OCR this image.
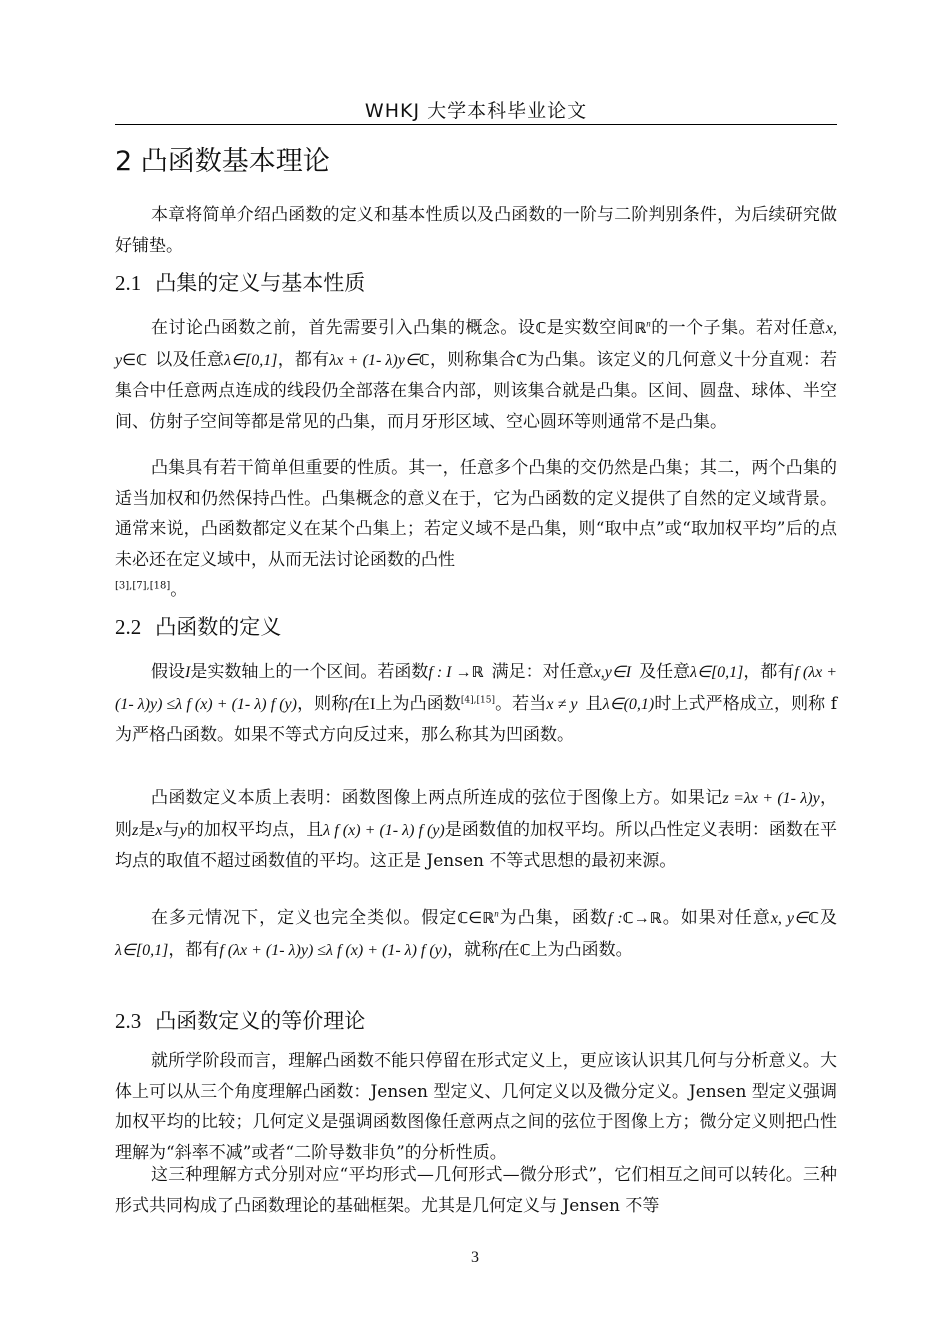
WHKJ 大学本科毕业论文
2 凸函数基本理论
本章将简单介绍凸函数的定义和基本性质以及凸函数的一阶与二阶判别条件，为后续研究做好铺垫。
2.1 凸集的定义与基本性质
在讨论凸函数之前，首先需要引入凸集的概念。设ℂ是实数空间ℝ$^n$的一个子集。若对任意x, y∈ℂ 以及任意λ∈[0,1]，都有λx + (1- λ)y∈ℂ，则称集合ℂ为凸集。该定义的几何意义十分直观：若集合中任意两点连成的线段仍全部落在集合内部，则该集合就是凸集。区间、圆盘、球体、半空间、仿射子空间等都是常见的凸集，而月牙形区域、空心圆环等则通常不是凸集。
凸集具有若干简单但重要的性质。其一，任意多个凸集的交仍然是凸集；其二，两个凸集的适当加权和仍然保持凸性。凸集概念的意义在于，它为凸函数的定义提供了自然的定义域背景。通常来说，凸函数都定义在某个凸集上；若定义域不是凸集，则“取中点”或“取加权平均”后的点未必还在定义域中，从而无法讨论函数的凸性
[3],[7],[18]。
2.2 凸函数的定义
假设I是实数轴上的一个区间。若函数f : I →ℝ 满足：对任意x,y∈I 及任意λ∈[0,1]，都有f (λx + (1- λ)y) ≤λ f (x) + (1- λ) f (y)，则称f在I上为凸函数[4],[15]。若当x ≠ y 且λ∈(0,1)时上式严格成立，则称 f 为严格凸函数。如果不等式方向反过来，那么称其为凹函数。
凸函数定义本质上表明：函数图像上两点所连成的弦位于图像上方。如果记z =λx + (1- λ)y，则z是x与y的加权平均点，且λ f (x) + (1- λ) f (y)是函数值的加权平均。所以凸性定义表明：函数在平均点的取值不超过函数值的平均。这正是 Jensen 不等式思想的最初来源。
在多元情况下，定义也完全类似。假定ℂ∈ℝ$^n$为凸集，函数f :ℂ→ℝ。如果对任意x, y∈ℂ及λ∈[0,1]，都有f (λx + (1- λ)y) ≤λ f (x) + (1- λ) f (y)，就称f在ℂ上为凸函数。
2.3 凸函数定义的等价理论
就所学阶段而言，理解凸函数不能只停留在形式定义上，更应该认识其几何与分析意义。大体上可以从三个角度理解凸函数：Jensen 型定义、几何定义以及微分定义。Jensen 型定义强调加权平均的比较；几何定义是强调函数图像任意两点之间的弦位于图像上方；微分定义则把凸性理解为“斜率不减”或者“二阶导数非负”的分析性质。
这三种理解方式分别对应“平均形式—几何形式—微分形式”，它们相互之间可以转化。三种形式共同构成了凸函数理论的基础框架。尤其是几何定义与 Jensen 不等
3
